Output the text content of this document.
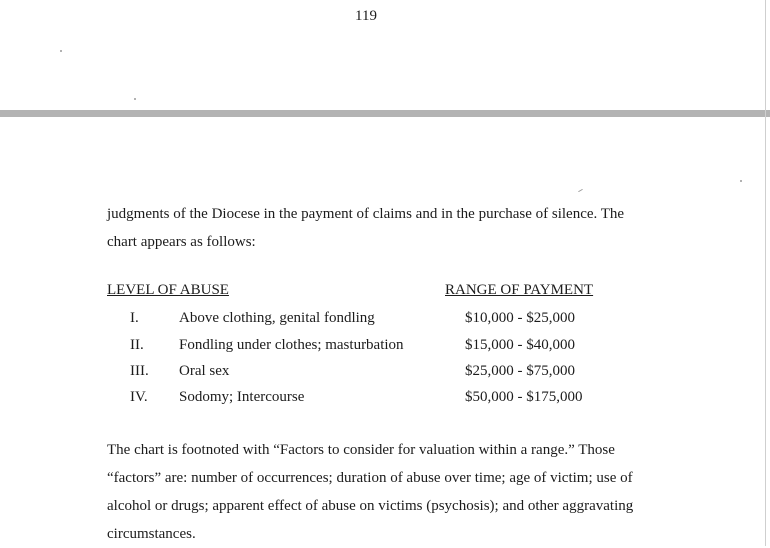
119

judgments of the Diocese in the payment of claims and in the purchase of silence. The
chart appears as follows:

LEVEL OF ABUSE	RANGE OF PAYMENT
I.	Above clothing, genital fondling	$10,000 - $25,000
II.	Fondling under clothes; masturbation	$15,000 - $40,000
III.	Oral sex	$25,000 - $75,000
IV.	Sodomy; Intercourse	$50,000 - $175,000

The chart is footnoted with “Factors to consider for valuation within a range.” Those
“factors” are: number of occurrences; duration of abuse over time; age of victim; use of
alcohol or drugs; apparent effect of abuse on victims (psychosis); and other aggravating
circumstances.
